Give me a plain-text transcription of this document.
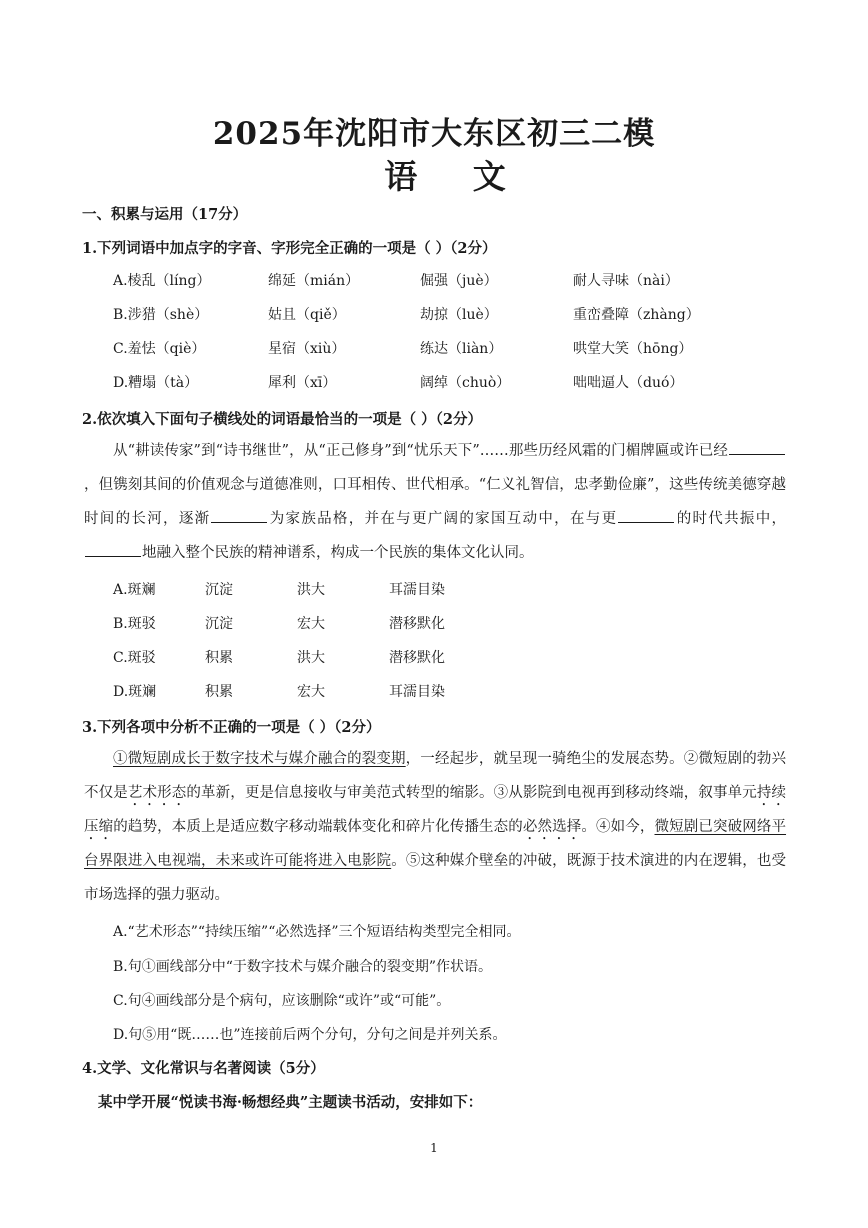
2025年沈阳市大东区初三二模
语 文
一、积累与运用（17分）
1.下列词语中加点字的字音、字形完全正确的一项是（ ）（2分）
A.棱乱（líng）	绵延（mián）	倔强（juè）	耐人寻味（nài）
B.涉猎（shè）	姑且（qiě）	劫掠（luè）	重峦叠障（zhàng）
C.羞怯（qiè）	星宿（xiù）	练达（liàn）	哄堂大笑（hōng）
D.糟塌（tà）	犀利（xī）	阔绰（chuò）	咄咄逼人（duó）
2.依次填入下面句子横线处的词语最恰当的一项是（ ）（2分）
从“耕读传家”到“诗书继世”，从“正己修身”到“忧乐天下”……那些历经风霜的门楣牌匾或许已经，但镌刻其间的价值观念与道德准则，口耳相传、世代相承。“仁义礼智信，忠孝勤俭廉”，这些传统美德穿越时间的长河，逐渐	为家族品格，并在与更广阔的家国互动中，在与更	的时代共振中，地融入整个民族的精神谱系，构成一个民族的集体文化认同。
A.斑斓	沉淀	洪大	耳濡目染
B.斑驳	沉淀	宏大	潜移默化
C.斑驳	积累	洪大	潜移默化
D.斑斓	积累	宏大	耳濡目染
3.下列各项中分析不正确的一项是（ ）（2分）
①微短剧成长于数字技术与媒介融合的裂变期，一经起步，就呈现一骑绝尘的发展态势。②微短剧的勃兴不仅是艺术形态的革新，更是信息接收与审美范式转型的缩影。③从影院到电视再到移动终端，叙事单元持续压缩的趋势，本质上是适应数字移动端载体变化和碎片化传播生态的必然选择。④如今，微短剧已突破网络平台界限进入电视端，未来或许可能将进入电影院。⑤这种媒介壁垒的冲破，既源于技术演进的内在逻辑，也受市场选择的强力驱动。
A.“艺术形态”“持续压缩”“必然选择”三个短语结构类型完全相同。
B.句①画线部分中“于数字技术与媒介融合的裂变期”作状语。
C.句④画线部分是个病句，应该删除“或许”或“可能”。
D.句⑤用“既……也”连接前后两个分句，分句之间是并列关系。
4.文学、文化常识与名著阅读（5分）
某中学开展“悦读书海·畅想经典”主题读书活动，安排如下：
1
